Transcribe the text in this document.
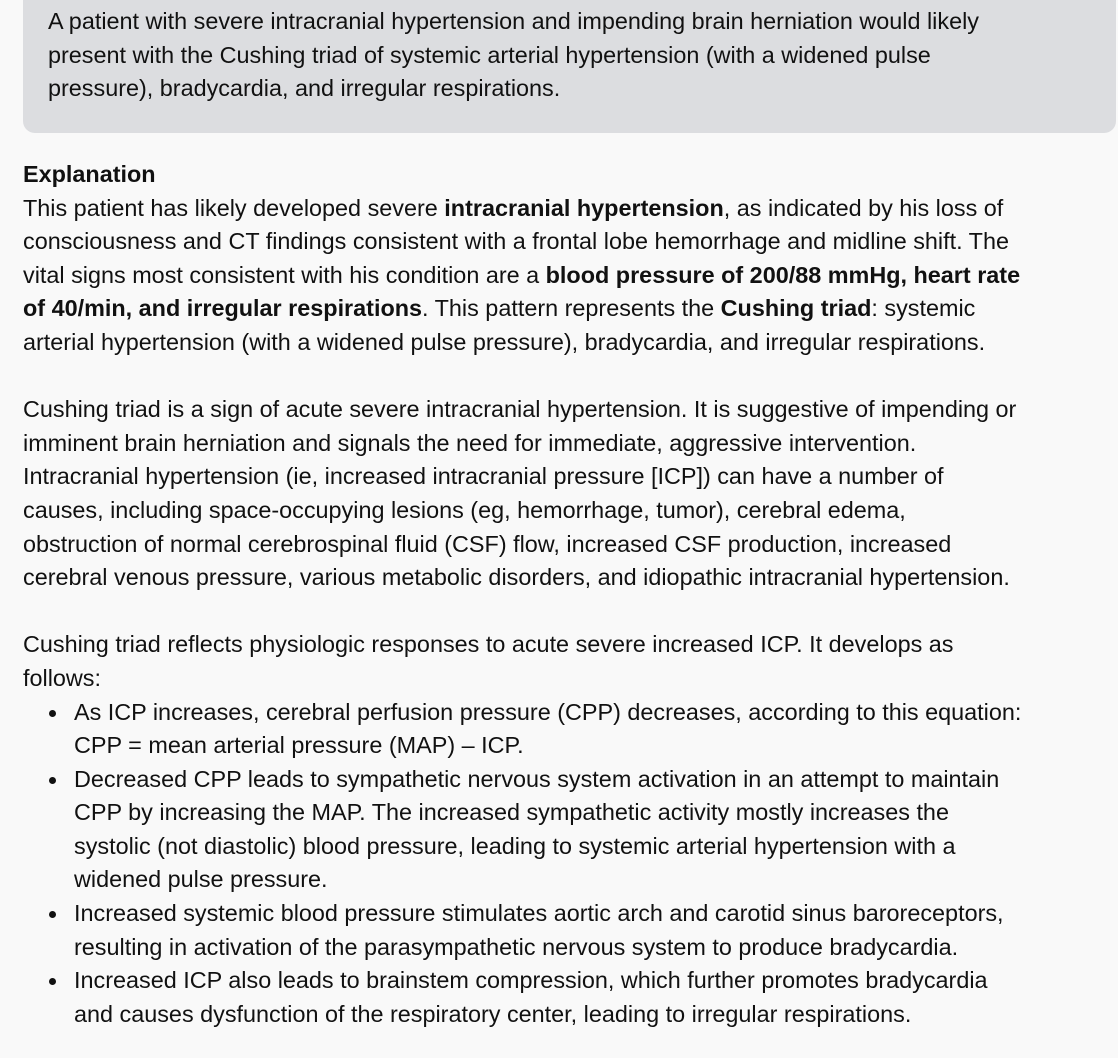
A patient with severe intracranial hypertension and impending brain herniation would likely
present with the Cushing triad of systemic arterial hypertension (with a widened pulse
pressure), bradycardia, and irregular respirations.
Explanation
This patient has likely developed severe intracranial hypertension, as indicated by his loss of
consciousness and CT findings consistent with a frontal lobe hemorrhage and midline shift. The
vital signs most consistent with his condition are a blood pressure of 200/88 mmHg, heart rate
of 40/min, and irregular respirations. This pattern represents the Cushing triad: systemic
arterial hypertension (with a widened pulse pressure), bradycardia, and irregular respirations.
Cushing triad is a sign of acute severe intracranial hypertension. It is suggestive of impending or
imminent brain herniation and signals the need for immediate, aggressive intervention.
Intracranial hypertension (ie, increased intracranial pressure [ICP]) can have a number of
causes, including space-occupying lesions (eg, hemorrhage, tumor), cerebral edema,
obstruction of normal cerebrospinal fluid (CSF) flow, increased CSF production, increased
cerebral venous pressure, various metabolic disorders, and idiopathic intracranial hypertension.
Cushing triad reflects physiologic responses to acute severe increased ICP. It develops as
follows:
As ICP increases, cerebral perfusion pressure (CPP) decreases, according to this equation:
CPP = mean arterial pressure (MAP) – ICP.
Decreased CPP leads to sympathetic nervous system activation in an attempt to maintain
CPP by increasing the MAP. The increased sympathetic activity mostly increases the
systolic (not diastolic) blood pressure, leading to systemic arterial hypertension with a
widened pulse pressure.
Increased systemic blood pressure stimulates aortic arch and carotid sinus baroreceptors,
resulting in activation of the parasympathetic nervous system to produce bradycardia.
Increased ICP also leads to brainstem compression, which further promotes bradycardia
and causes dysfunction of the respiratory center, leading to irregular respirations.
